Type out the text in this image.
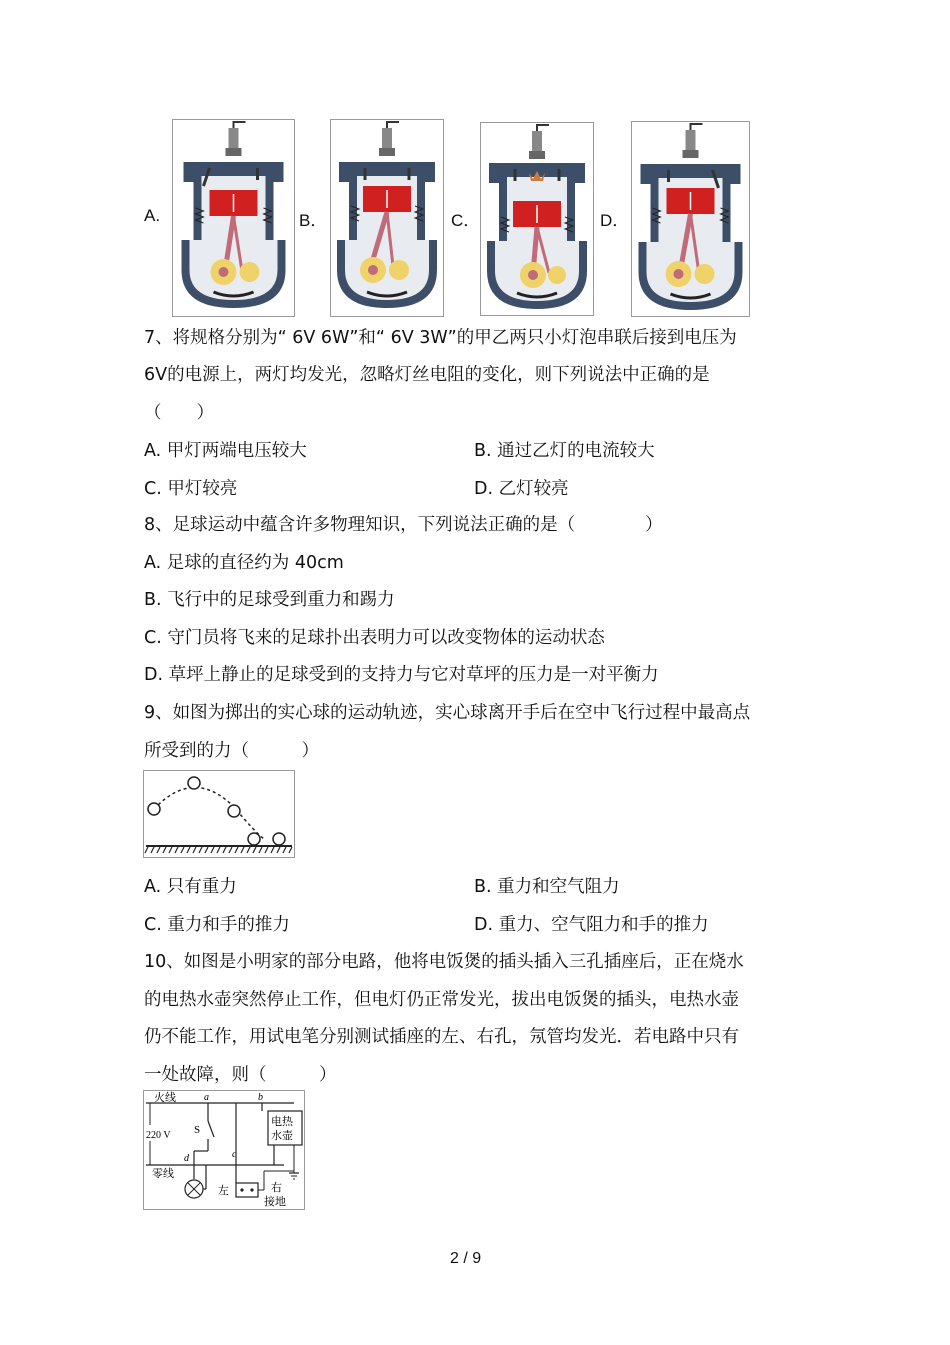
A.	B．	C．	D．
7、将规格分别为“ 6V 6W”和“ 6V 3W”的甲乙两只小灯泡串联后接到电压为
6V的电源上，两灯均发光，忽略灯丝电阻的变化，则下列说法中正确的是
（　　）
A. 甲灯两端电压较大	B. 通过乙灯的电流较大
C. 甲灯较亮	D. 乙灯较亮
8、足球运动中蕴含许多物理知识，下列说法正确的是（　　　　）
A. 足球的直径约为 40cm
B. 飞行中的足球受到重力和踢力
C. 守门员将飞来的足球扑出表明力可以改变物体的运动状态
D. 草坪上静止的足球受到的支持力与它对草坪的压力是一对平衡力
9、如图为掷出的实心球的运动轨迹，实心球离开手后在空中飞行过程中最高点
所受到的力（　　　）
A. 只有重力	B. 重力和空气阻力
C. 重力和手的推力	D. 重力、空气阻力和手的推力
10、如图是小明家的部分电路，他将电饭煲的插头插入三孔插座后，正在烧水
的电热水壶突然停止工作，但电灯仍正常发光，拔出电饭煲的插头，电热水壶
仍不能工作，用试电笔分别测试插座的左、右孔，氖管均发光．若电路中只有
一处故障，则（　　　）
220 V
火线
零线
a
S
d	c
左	右
接地
b
电热
水壶
2 / 9
